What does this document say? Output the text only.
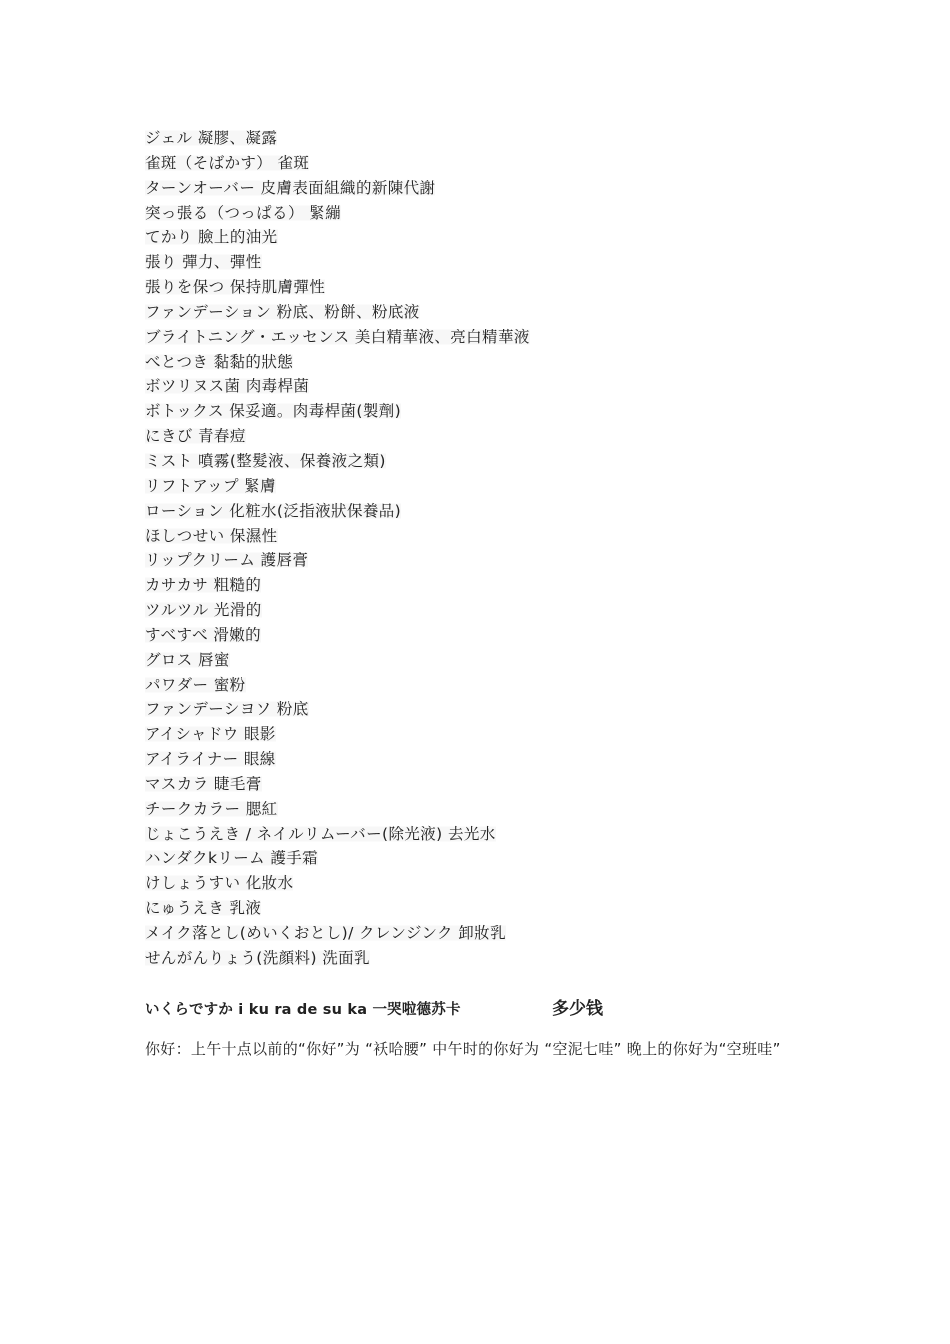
ジェル 凝膠、凝露
雀斑（そばかす） 雀斑
ターンオーバー 皮膚表面組織的新陳代謝
突っ張る（つっぱる） 緊繃
てかり 臉上的油光
張り 彈力、彈性
張りを保つ 保持肌膚彈性
ファンデーション 粉底、粉餅、粉底液
ブライトニング・エッセンス 美白精華液、亮白精華液
べとつき 黏黏的狀態
ボツリヌス菌 肉毒桿菌
ボトックス 保妥適。肉毒桿菌(製劑)
にきび 青春痘
ミスト 噴霧(整髮液、保養液之類)
リフトアップ 緊膚
ローション 化粧水(泛指液狀保養品)
ほしつせい 保濕性
リップクリーム 護唇膏
カサカサ 粗糙的
ツルツル 光滑的
すべすべ 滑嫩的
グロス 唇蜜
パワダー 蜜粉
ファンデーシヨソ 粉底
アイシャドウ 眼影
アイライナー 眼線
マスカラ 睫毛膏
チークカラー 腮紅
じょこうえき / ネイルリムーバー(除光液) 去光水
ハンダクkリーム 護手霜
けしょうすい 化妝水
にゅうえき 乳液
メイク落とし(めいくおとし)/ クレンジンク 卸妝乳
せんがんりょう(洗顔料) 洗面乳
いくらですか i ku ra de su ka 一哭啦德苏卡	多少钱

你好：上午十点以前的“你好”为 “袄哈腰” 中午时的你好为 “空泥七哇” 晚上的你好为“空班哇”
